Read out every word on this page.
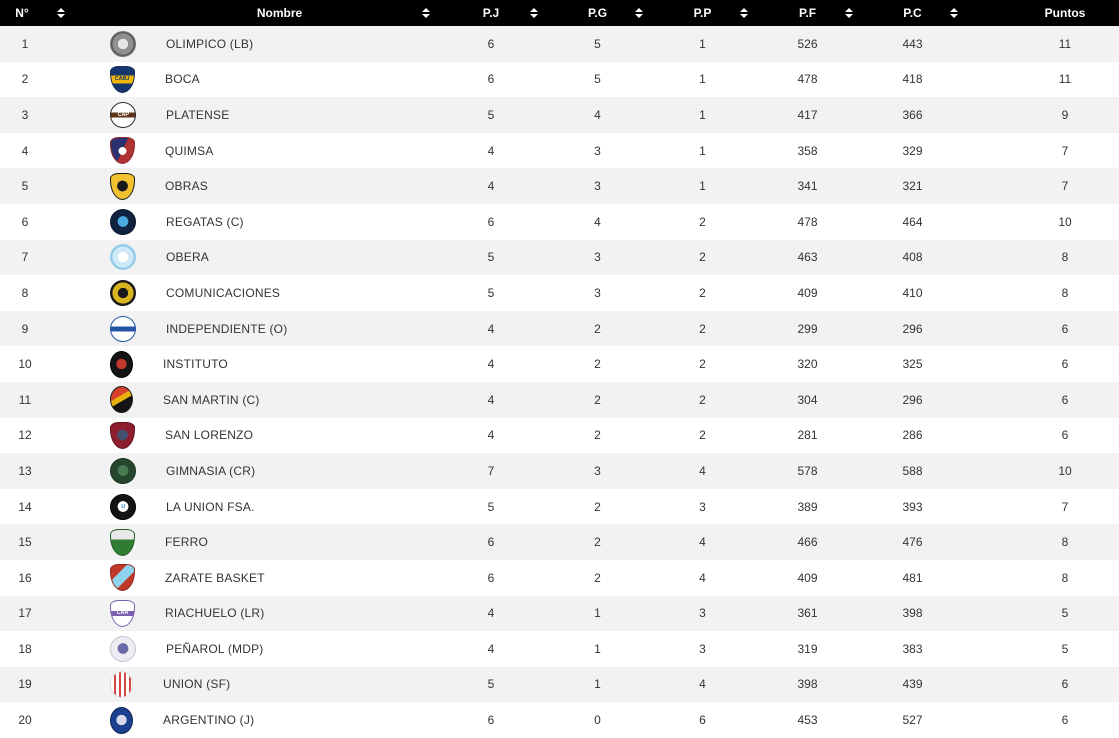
N°	Nombre	P.J	P.G	P.P	P.F	P.C	Puntos
1	OLIMPICO (LB)	6	5	1	526	443	11
2	CABJ BOCA	6	5	1	478	418	11
3	CAP PLATENSE	5	4	1	417	366	9
4	QUIMSA	4	3	1	358	329	7
5	OBRAS	4	3	1	341	321	7
6	REGATAS (C)	6	4	2	478	464	10
7	OBERA	5	3	2	463	408	8
8	COMUNICACIONES	5	3	2	409	410	8
9	INDEPENDIENTE (O)	4	2	2	299	296	6
10	INSTITUTO	4	2	2	320	325	6
11	SAN MARTIN (C)	4	2	2	304	296	6
12	SAN LORENZO	4	2	2	281	286	6
13	GIMNASIA (CR)	7	3	4	578	588	10
14	U LA UNION FSA.	5	2	3	389	393	7
15	FERRO	6	2	4	466	476	8
16	ZARATE BASKET	6	2	4	409	481	8
17	CAR RIACHUELO (LR)	4	1	3	361	398	5
18	PEÑAROL (MDP)	4	1	3	319	383	5
19	UNION (SF)	5	1	4	398	439	6
20	ARGENTINO (J)	6	0	6	453	527	6
